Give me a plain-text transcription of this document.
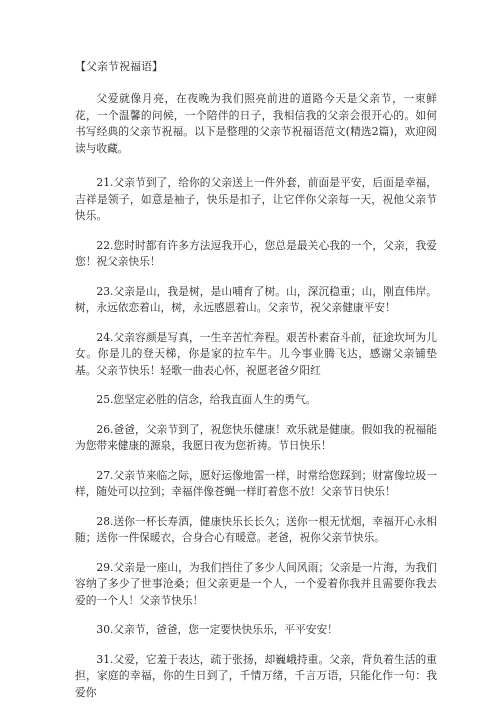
【父亲节祝福语】

父爱就像月亮，在夜晚为我们照亮前进的道路今天是父亲节，一束鲜花，一个温馨的问候，一个陪伴的日子，我相信我的父亲会很开心的。如何书写经典的父亲节祝福。以下是整理的父亲节祝福语范文(精选2篇)，欢迎阅读与收藏。

21.父亲节到了，给你的父亲送上一件外套，前面是平安，后面是幸福，吉祥是领子，如意是袖子，快乐是扣子，让它伴你父亲每一天，祝他父亲节快乐。

22.您时时都有许多方法逗我开心，您总是最关心我的一个，父亲，我爱您！祝父亲快乐！

23.父亲是山，我是树，是山哺育了树。山，深沉稳重；山，刚直伟岸。树，永远依恋着山，树，永远感恩着山。父亲节，祝父亲健康平安！

24.父亲容颜是写真，一生辛苦忙奔程。艰苦朴素奋斗前，征途坎坷为儿女。你是儿的登天梯，你是家的拉车牛。儿今事业腾飞达，感谢父亲铺垫基。父亲节快乐！轻歌一曲表心怀，祝愿老爸夕阳红

25.您坚定必胜的信念，给我直面人生的勇气。

26.爸爸，父亲节到了，祝您快乐健康！欢乐就是健康。假如我的祝福能为您带来健康的源泉，我愿日夜为您祈祷。节日快乐！

27.父亲节来临之际，愿好运像地雷一样，时常给您踩到；财富像垃圾一样，随处可以拉到；幸福伴像苍蝇一样盯着您不放！父亲节日快乐！

28.送你一杯长寿酒，健康快乐长长久；送你一根无忧烟，幸福开心永相随；送你一件保暖衣，合身合心有暖意。老爸，祝你父亲节快乐。

29.父亲是一座山，为我们挡住了多少人间风雨；父亲是一片海，为我们容纳了多少了世事沧桑；但父亲更是一个人，一个爱着你我并且需要你我去爱的一个人！父亲节快乐！

30.父亲节，爸爸，您一定要快快乐乐，平平安安！

31.父爱，它羞于表达，疏于张扬，却巍峨持重。父亲，背负着生活的重担，家庭的幸福，你的生日到了，千情万绪，千言万语，只能化作一句：我爱你
